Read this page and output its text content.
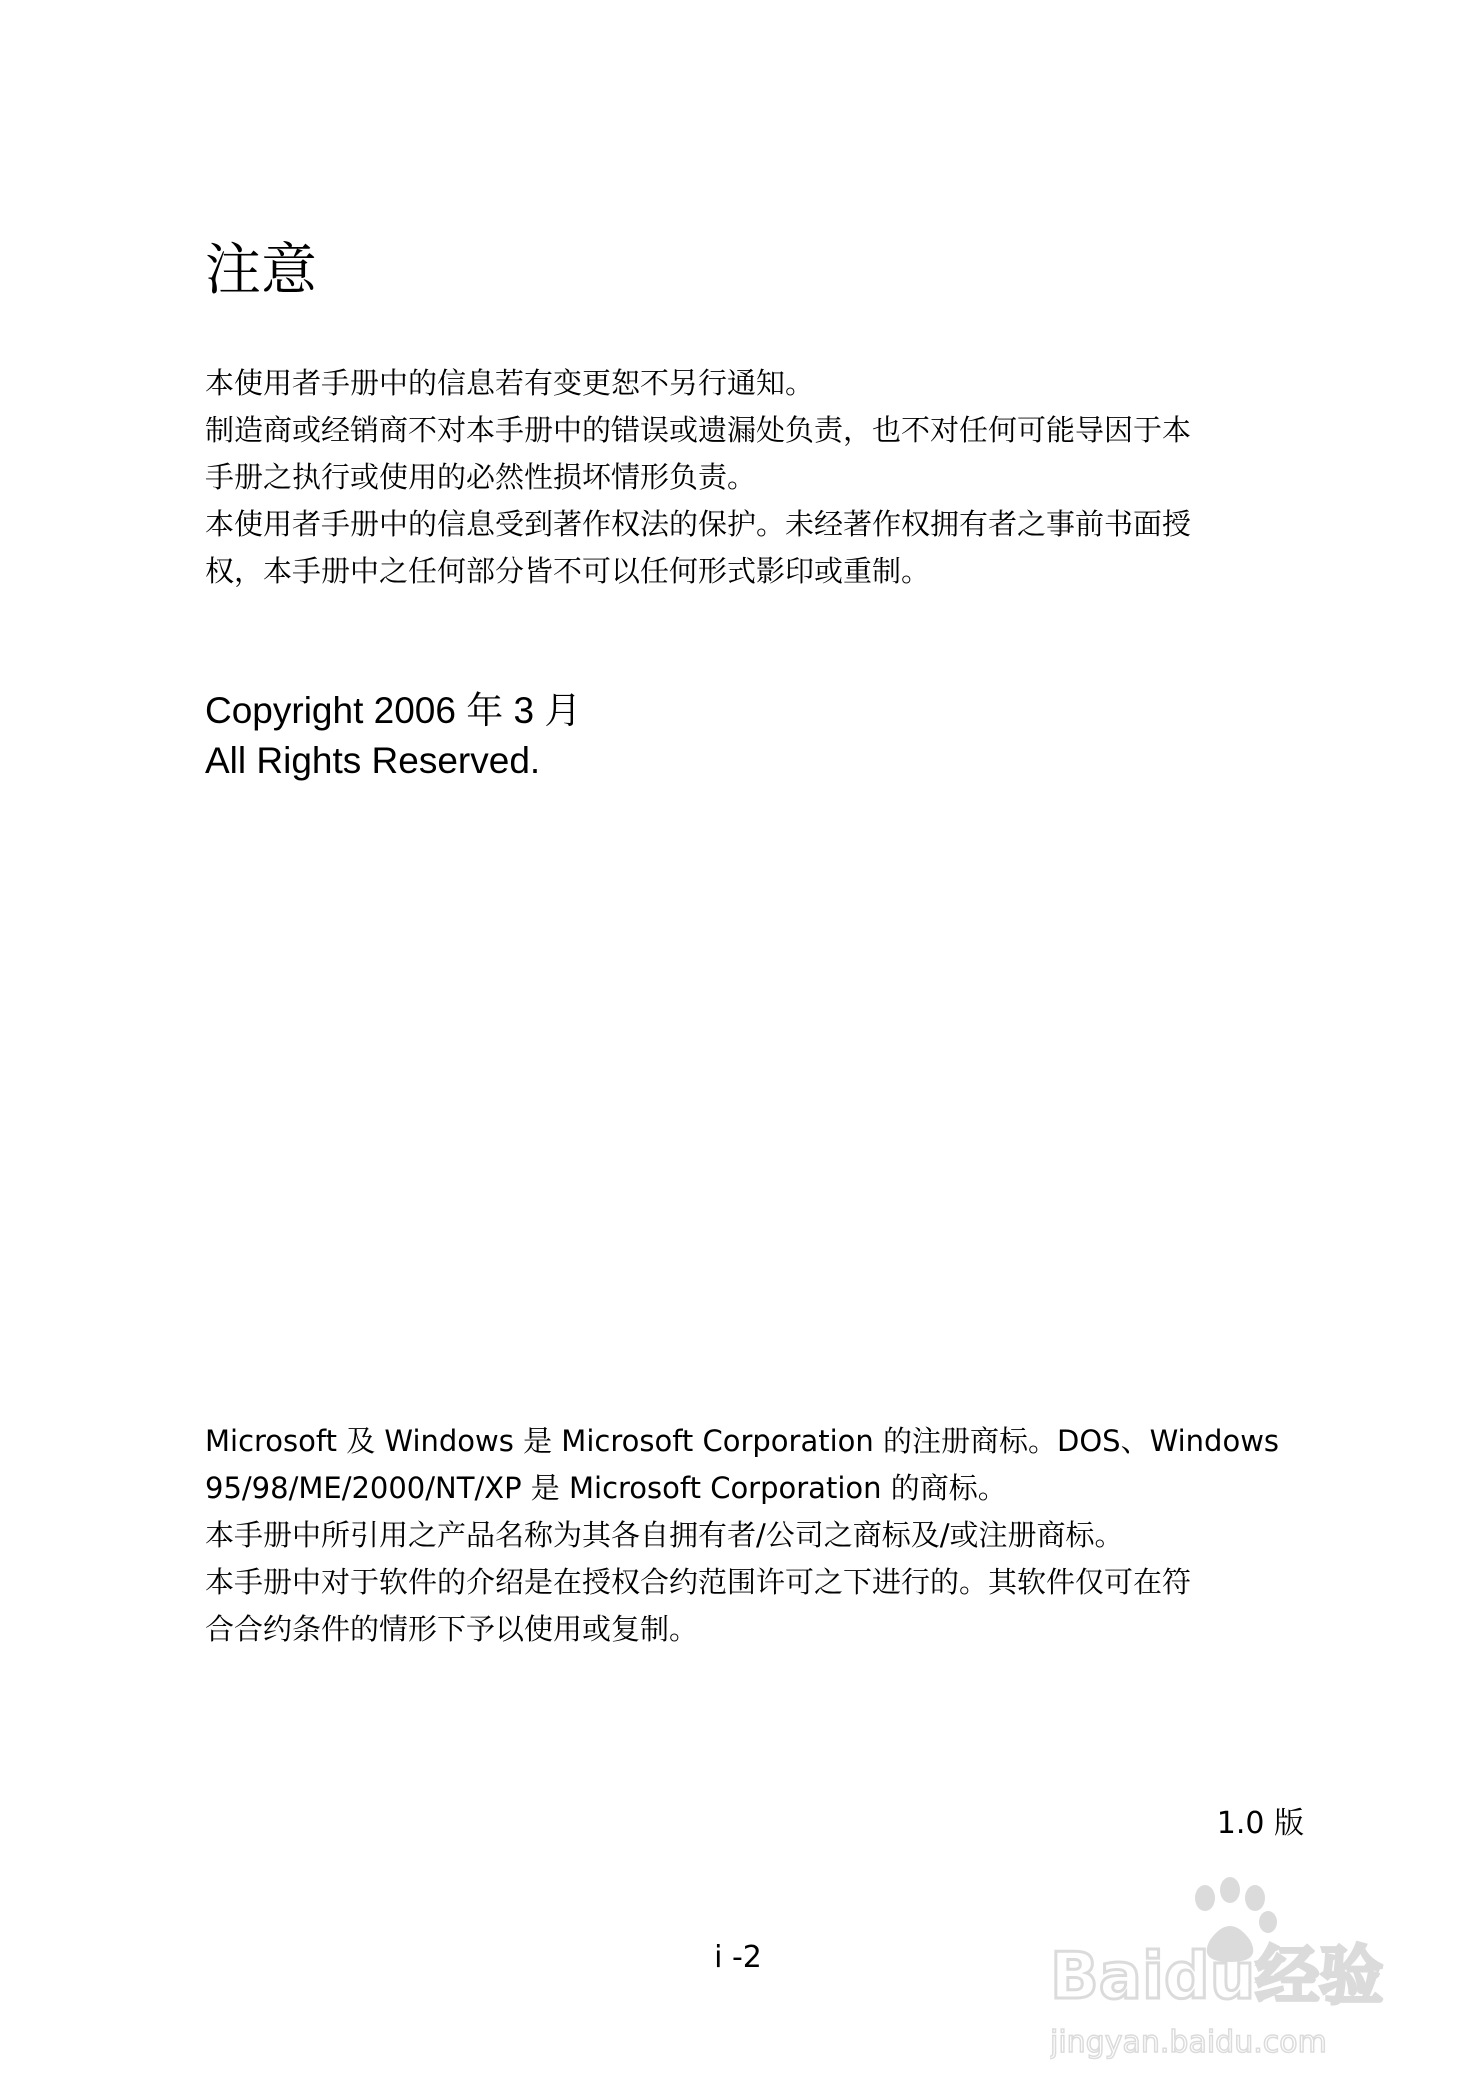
注意
本使用者手册中的信息若有变更恕不另行通知。
制造商或经销商不对本手册中的错误或遗漏处负责，也不对任何可能导因于本
手册之执行或使用的必然性损坏情形负责。
本使用者手册中的信息受到著作权法的保护。未经著作权拥有者之事前书面授
权，本手册中之任何部分皆不可以任何形式影印或重制。
Copyright 2006 年 3 月
All Rights Reserved.
Microsoft 及 Windows 是 Microsoft Corporation 的注册商标。DOS、Windows
95/98/ME/2000/NT/XP 是 Microsoft Corporation 的商标。
本手册中所引用之产品名称为其各自拥有者/公司之商标及/或注册商标。
本手册中对于软件的介绍是在授权合约范围许可之下进行的。其软件仅可在符
合合约条件的情形下予以使用或复制。
1.0 版
i -2	Baidu经验
jingyan.baidu.com
